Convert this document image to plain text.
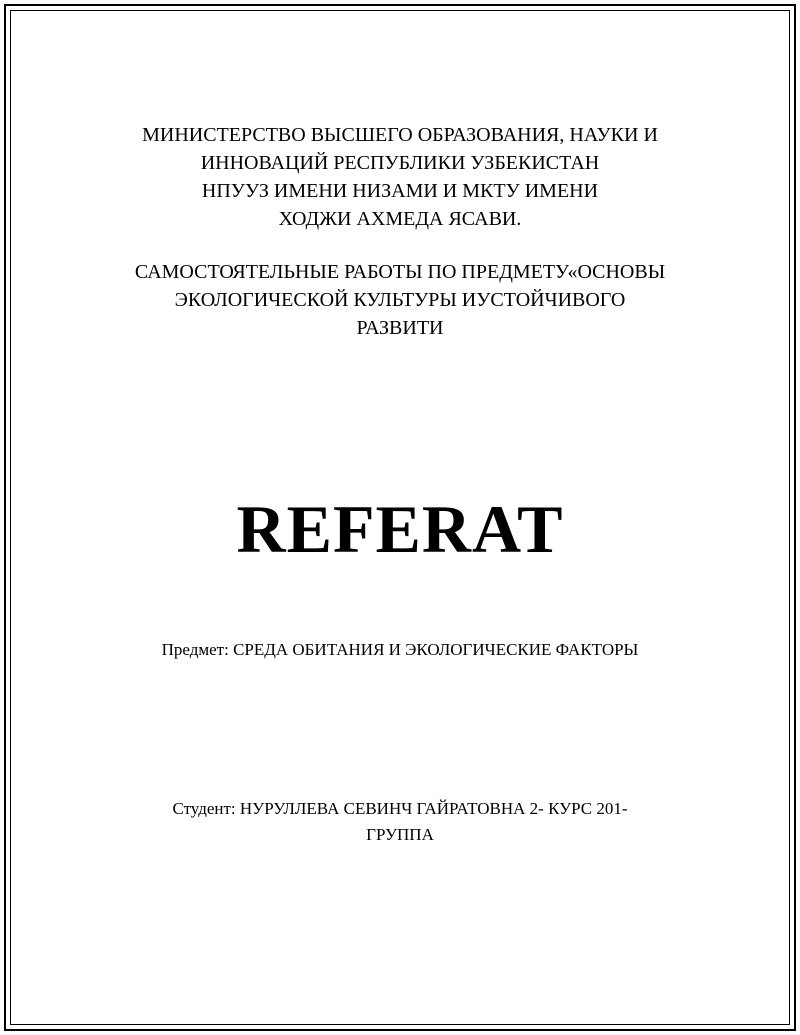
МИНИСТЕРСТВО ВЫСШЕГО ОБРАЗОВАНИЯ, НАУКИ И
ИННОВАЦИЙ РЕСПУБЛИКИ УЗБЕКИСТАН
НПУУЗ ИМЕНИ НИЗАМИ И МКТУ ИМЕНИ
ХОДЖИ АХМЕДА ЯСАВИ.
САМОСТОЯТЕЛЬНЫЕ РАБОТЫ ПО ПРЕДМЕТУ«ОСНОВЫ
ЭКОЛОГИЧЕСКОЙ КУЛЬТУРЫ ИУСТОЙЧИВОГО
РАЗВИТИ
REFERAT
Предмет: СРЕДА ОБИТАНИЯ И ЭКОЛОГИЧЕСКИЕ ФАКТОРЫ
Студент: НУРУЛЛЕВА СЕВИНЧ ГАЙРАТОВНА 2- КУРС 201-
ГРУППА
